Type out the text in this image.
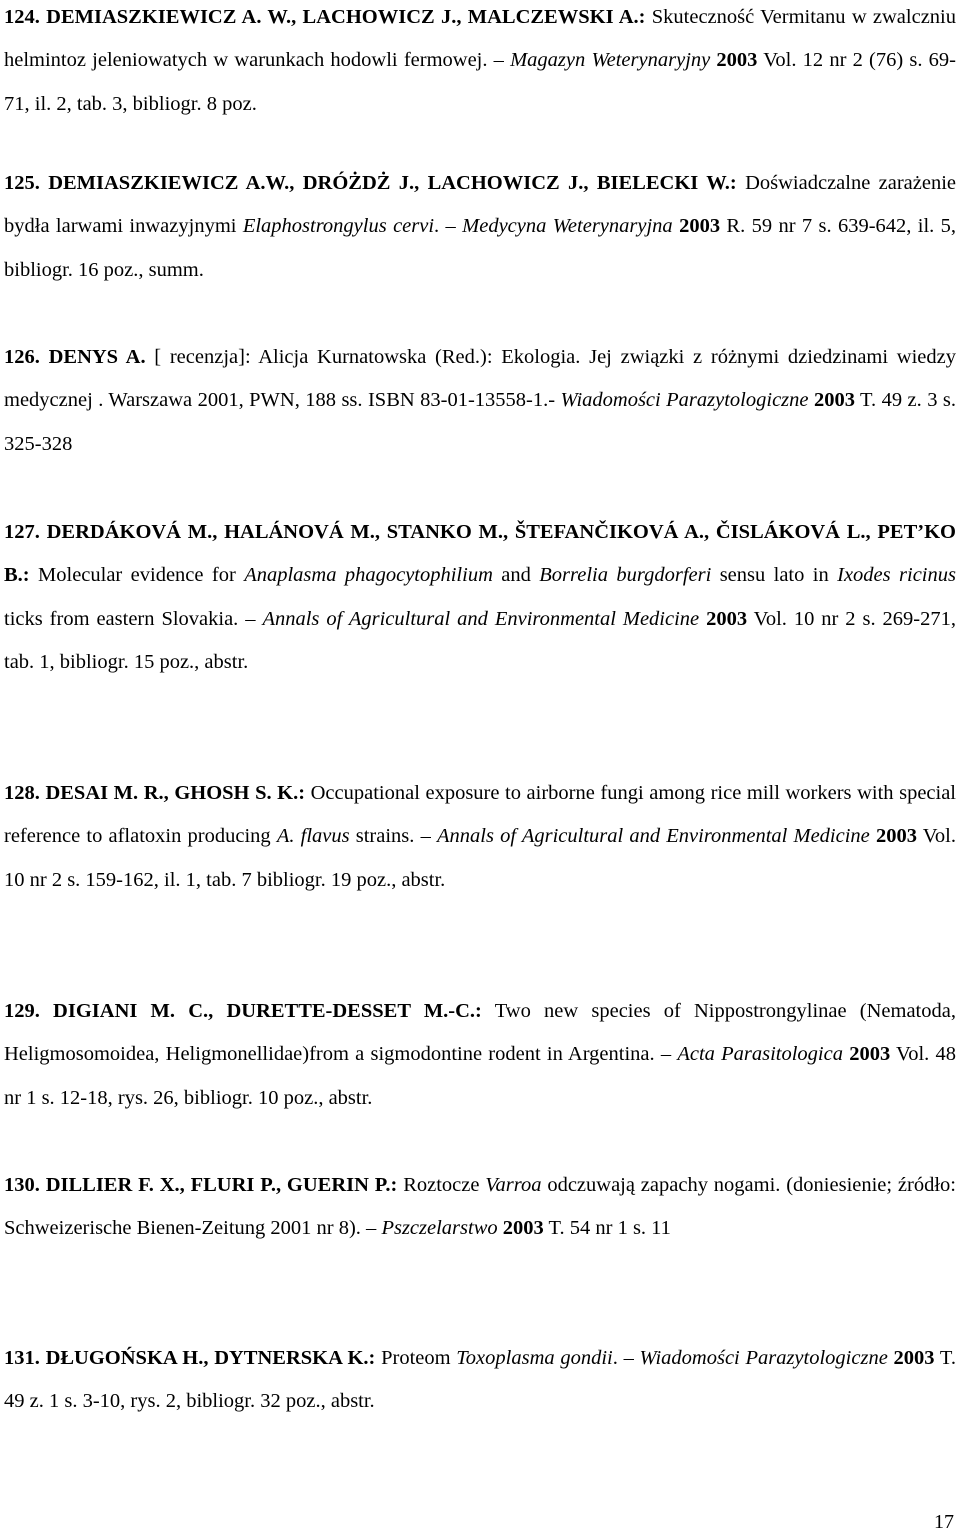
124. DEMIASZKIEWICZ A. W., LACHOWICZ J., MALCZEWSKI A.: Skuteczność Vermitanu w zwalczniu helmintoz jeleniowatych w warunkach hodowli fermowej. – Magazyn Weterynaryjny 2003 Vol. 12 nr 2 (76) s. 69-71, il. 2, tab. 3, bibliogr. 8 poz.
125. DEMIASZKIEWICZ A.W., DRÓŻDŻ J., LACHOWICZ J., BIELECKI W.: Doświadczalne zarażenie bydła larwami inwazyjnymi Elaphostrongylus cervi. – Medycyna Weterynaryjna 2003 R. 59 nr 7 s. 639-642, il. 5, bibliogr. 16 poz., summ.
126. DENYS A. [ recenzja]: Alicja Kurnatowska (Red.): Ekologia. Jej związki z różnymi dziedzinami wiedzy medycznej . Warszawa 2001, PWN, 188 ss. ISBN 83-01-13558-1.- Wiadomości Parazytologiczne 2003 T. 49 z. 3 s. 325-328
127. DERDÁKOVÁ M., HALÁNOVÁ M., STANKO M., ŠTEFANČIKOVÁ A., ČISLÁKOVÁ L., PET’KO B.: Molecular evidence for Anaplasma phagocytophilium and Borrelia burgdorferi sensu lato in Ixodes ricinus ticks from eastern Slovakia. – Annals of Agricultural and Environmental Medicine 2003 Vol. 10 nr 2 s. 269-271, tab. 1, bibliogr. 15 poz., abstr.
128. DESAI M. R., GHOSH S. K.: Occupational exposure to airborne fungi among rice mill workers with special reference to aflatoxin producing A. flavus strains. – Annals of Agricultural and Environmental Medicine 2003 Vol. 10 nr 2 s. 159-162, il. 1, tab. 7 bibliogr. 19 poz., abstr.
129. DIGIANI M. C., DURETTE-DESSET M.-C.: Two new species of Nippostrongylinae (Nematoda, Heligmosomoidea, Heligmonellidae)from a sigmodontine rodent in Argentina. – Acta Parasitologica 2003 Vol. 48 nr 1 s. 12-18, rys. 26, bibliogr. 10 poz., abstr.
130. DILLIER F. X., FLURI P., GUERIN P.: Roztocze Varroa odczuwają zapachy nogami. (doniesienie; źródło: Schweizerische Bienen-Zeitung 2001 nr 8). – Pszczelarstwo 2003 T. 54 nr 1 s. 11
131. DŁUGOŃSKA H., DYTNERSKA K.: Proteom Toxoplasma gondii. – Wiadomości Parazytologiczne 2003 T. 49 z. 1 s. 3-10, rys. 2, bibliogr. 32 poz., abstr.
17
